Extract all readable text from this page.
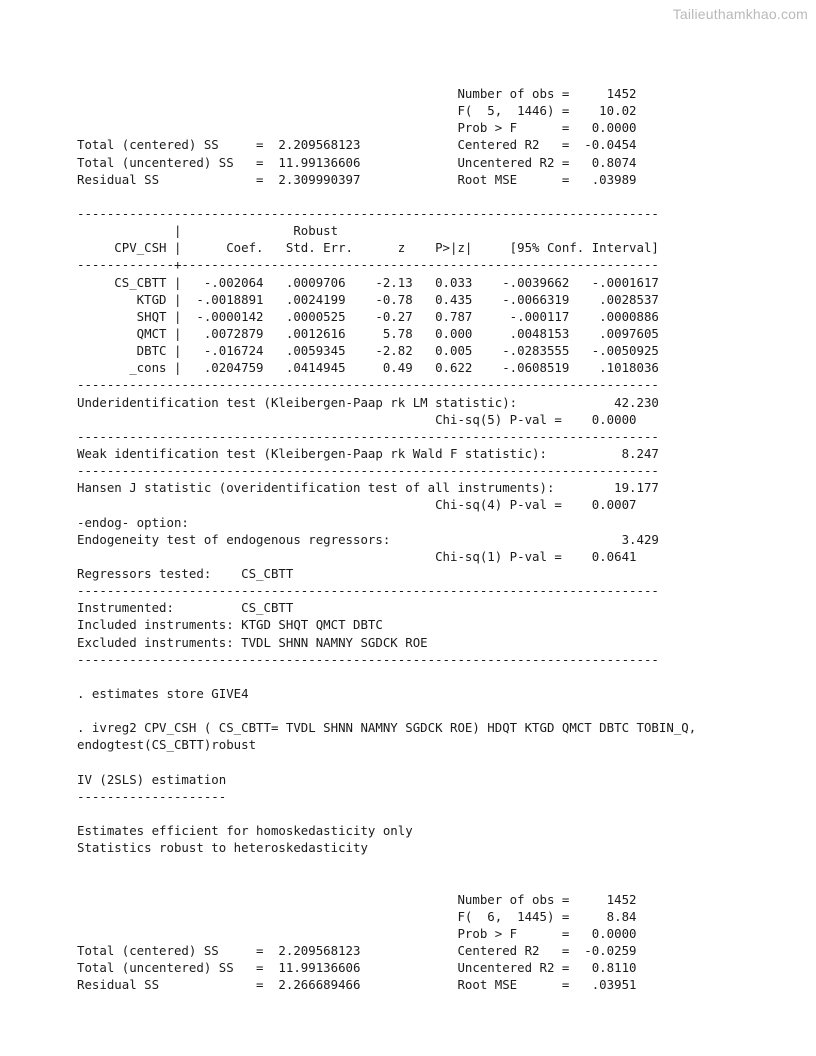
Tailieuthamkhao.com
Number of obs =     1452
F(  5,  1446) =    10.02
Prob > F      =   0.0000
Total (centered) SS     =  2.209568123             Centered R2   =  -0.0454
Total (uncentered) SS   =  11.99136606             Uncentered R2 =   0.8074
Residual SS             =  2.309990397             Root MSE      =   .03989
------------------------------------------------------------------------------
|               Robust
CPV_CSH |      Coef.   Std. Err.      z    P>|z|     [95% Conf. Interval]
-------------+----------------------------------------------------------------
CS_CBTT |   -.002064   .0009706    -2.13   0.033    -.0039662   -.0001617
KTGD |  -.0018891   .0024199    -0.78   0.435    -.0066319    .0028537
SHQT |  -.0000142   .0000525    -0.27   0.787     -.000117    .0000886
QMCT |   .0072879   .0012616     5.78   0.000     .0048153    .0097605
DBTC |   -.016724   .0059345    -2.82   0.005    -.0283555   -.0050925
_cons |   .0204759   .0414945     0.49   0.622    -.0608519    .1018036
------------------------------------------------------------------------------
Underidentification test (Kleibergen-Paap rk LM statistic):             42.230
Chi-sq(5) P-val =    0.0000
------------------------------------------------------------------------------
Weak identification test (Kleibergen-Paap rk Wald F statistic):          8.247
------------------------------------------------------------------------------
Hansen J statistic (overidentification test of all instruments):        19.177
Chi-sq(4) P-val =    0.0007
-endog- option:
Endogeneity test of endogenous regressors:                               3.429
Chi-sq(1) P-val =    0.0641
Regressors tested:    CS_CBTT
------------------------------------------------------------------------------
Instrumented:         CS_CBTT
Included instruments: KTGD SHQT QMCT DBTC
Excluded instruments: TVDL SHNN NAMNY SGDCK ROE
------------------------------------------------------------------------------
. estimates store GIVE4
. ivreg2 CPV_CSH ( CS_CBTT= TVDL SHNN NAMNY SGDCK ROE) HDQT KTGD QMCT DBTC TOBIN_Q,
endogtest(CS_CBTT)robust
IV (2SLS) estimation
--------------------
Estimates efficient for homoskedasticity only
Statistics robust to heteroskedasticity
Number of obs =     1452
F(  6,  1445) =     8.84
Prob > F      =   0.0000
Total (centered) SS     =  2.209568123             Centered R2   =  -0.0259
Total (uncentered) SS   =  11.99136606             Uncentered R2 =   0.8110
Residual SS             =  2.266689466             Root MSE      =   .03951
